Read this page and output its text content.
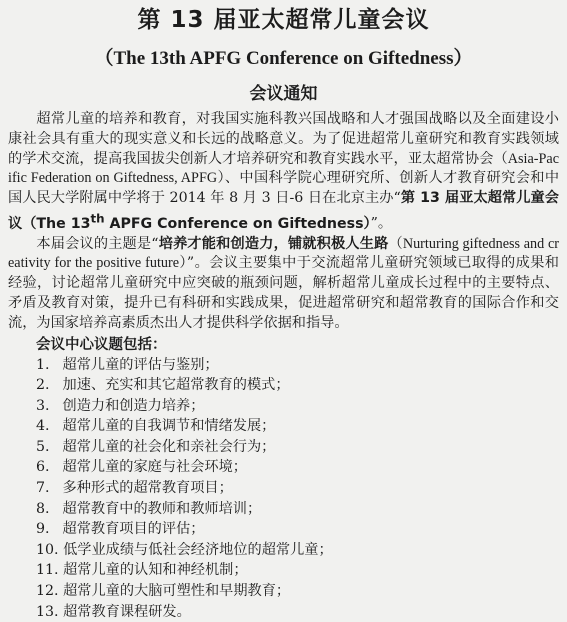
第 13 届亚太超常儿童会议
（The 13th APFG Conference on Giftedness）
会议通知

超常儿童的培养和教育，对我国实施科教兴国战略和人才强国战略以及全面建设小康社会具有重大的现实意义和长远的战略意义。为了促进超常儿童研究和教育实践领域的学术交流，提高我国拔尖创新人才培养研究和教育实践水平，亚太超常协会（Asia-Pacific Federation on Giftedness, APFG）、中国科学院心理研究所、创新人才教育研究会和中国人民大学附属中学将于 2014 年 8 月 3 日-6 日在北京主办“第 13 届亚太超常儿童会议（The 13th APFG Conference on Giftedness）”。

本届会议的主题是“培养才能和创造力，铺就积极人生路（Nurturing giftedness and creativity for the positive future）”。会议主要集中于交流超常儿童研究领域已取得的成果和经验，讨论超常儿童研究中应突破的瓶颈问题，解析超常儿童成长过程中的主要特点、矛盾及教育对策，提升已有科研和实践成果，促进超常研究和超常教育的国际合作和交流，为国家培养高素质杰出人才提供科学依据和指导。

会议中心议题包括：
1. 超常儿童的评估与鉴别；
2. 加速、充实和其它超常教育的模式；
3. 创造力和创造力培养；
4. 超常儿童的自我调节和情绪发展；
5. 超常儿童的社会化和亲社会行为；
6. 超常儿童的家庭与社会环境；
7. 多种形式的超常教育项目；
8. 超常教育中的教师和教师培训；
9. 超常教育项目的评估；
10. 低学业成绩与低社会经济地位的超常儿童；
11. 超常儿童的认知和神经机制；
12. 超常儿童的大脑可塑性和早期教育；
13. 超常教育课程研发。
